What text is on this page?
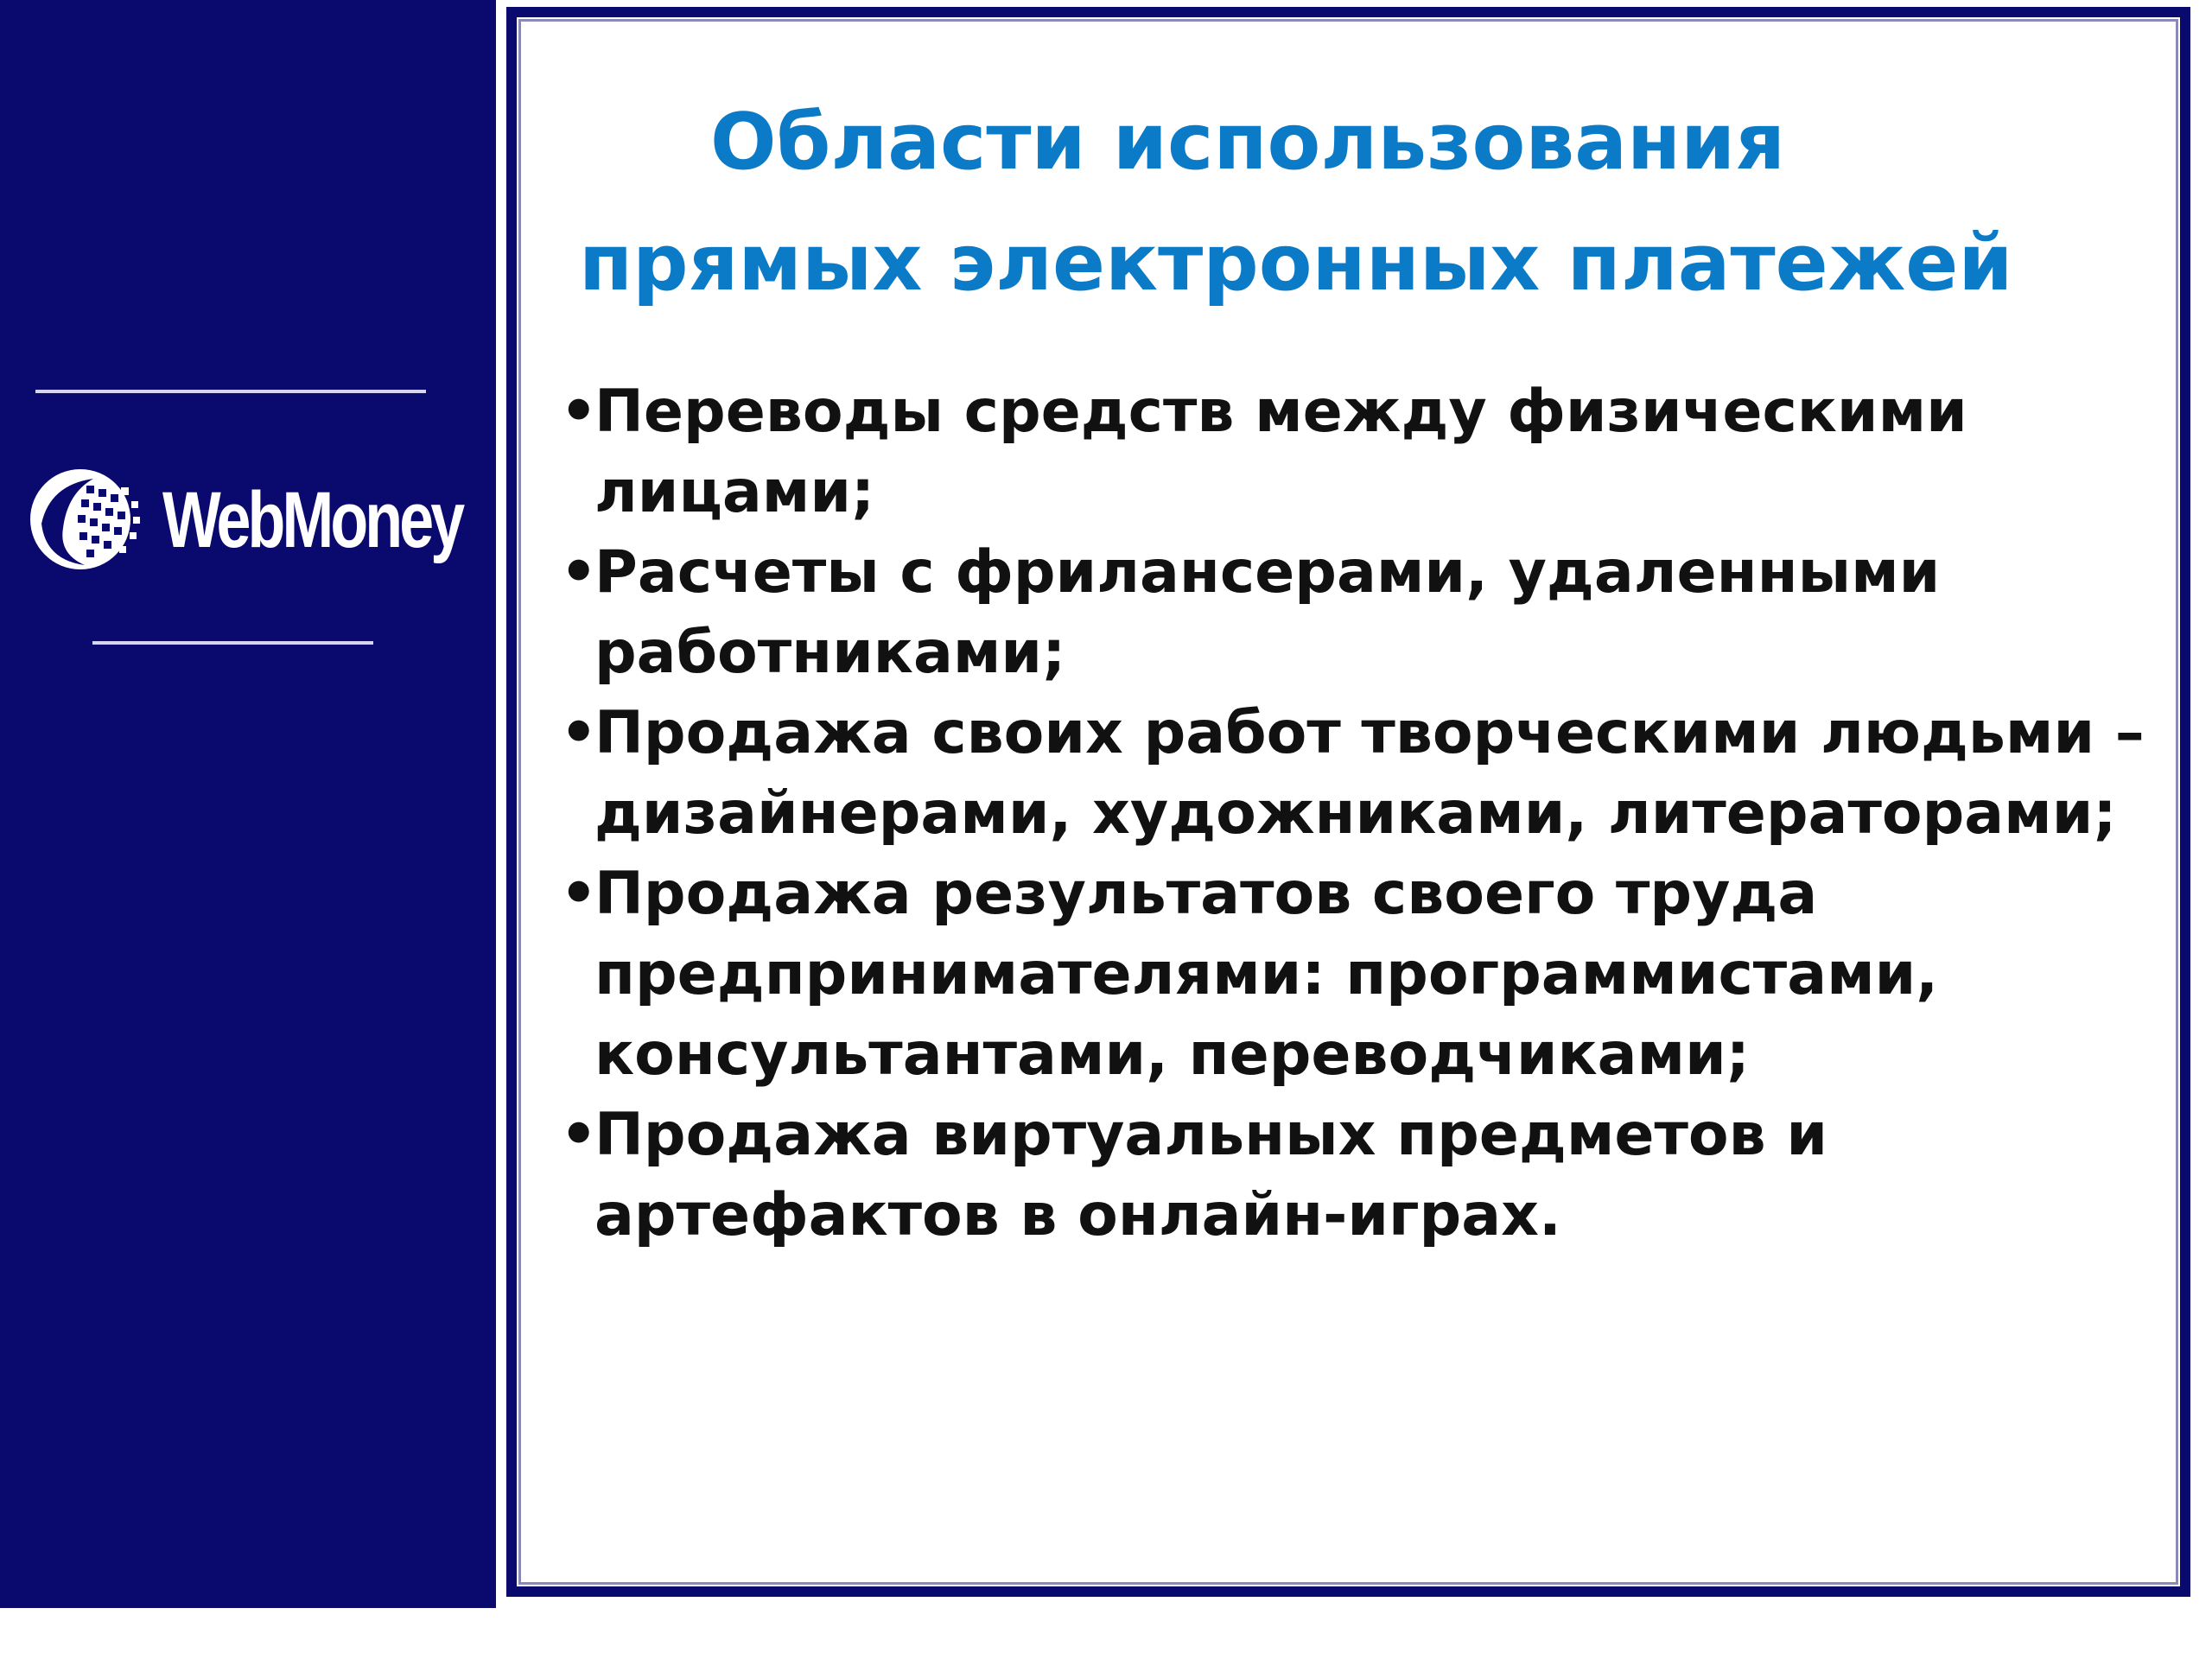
WebMoney
Области использования
прямых электронных платежей
•
Переводы средств между физическими лицами;
•
Расчеты с фрилансерами, удаленными работниками;
•
Продажа своих работ творческими людьми – дизайнерами, художниками, литераторами;
•
Продажа результатов своего труда предпринимателями: программистами, консультантами, переводчиками;
•
Продажа виртуальных предметов и артефактов в онлайн-играх.
